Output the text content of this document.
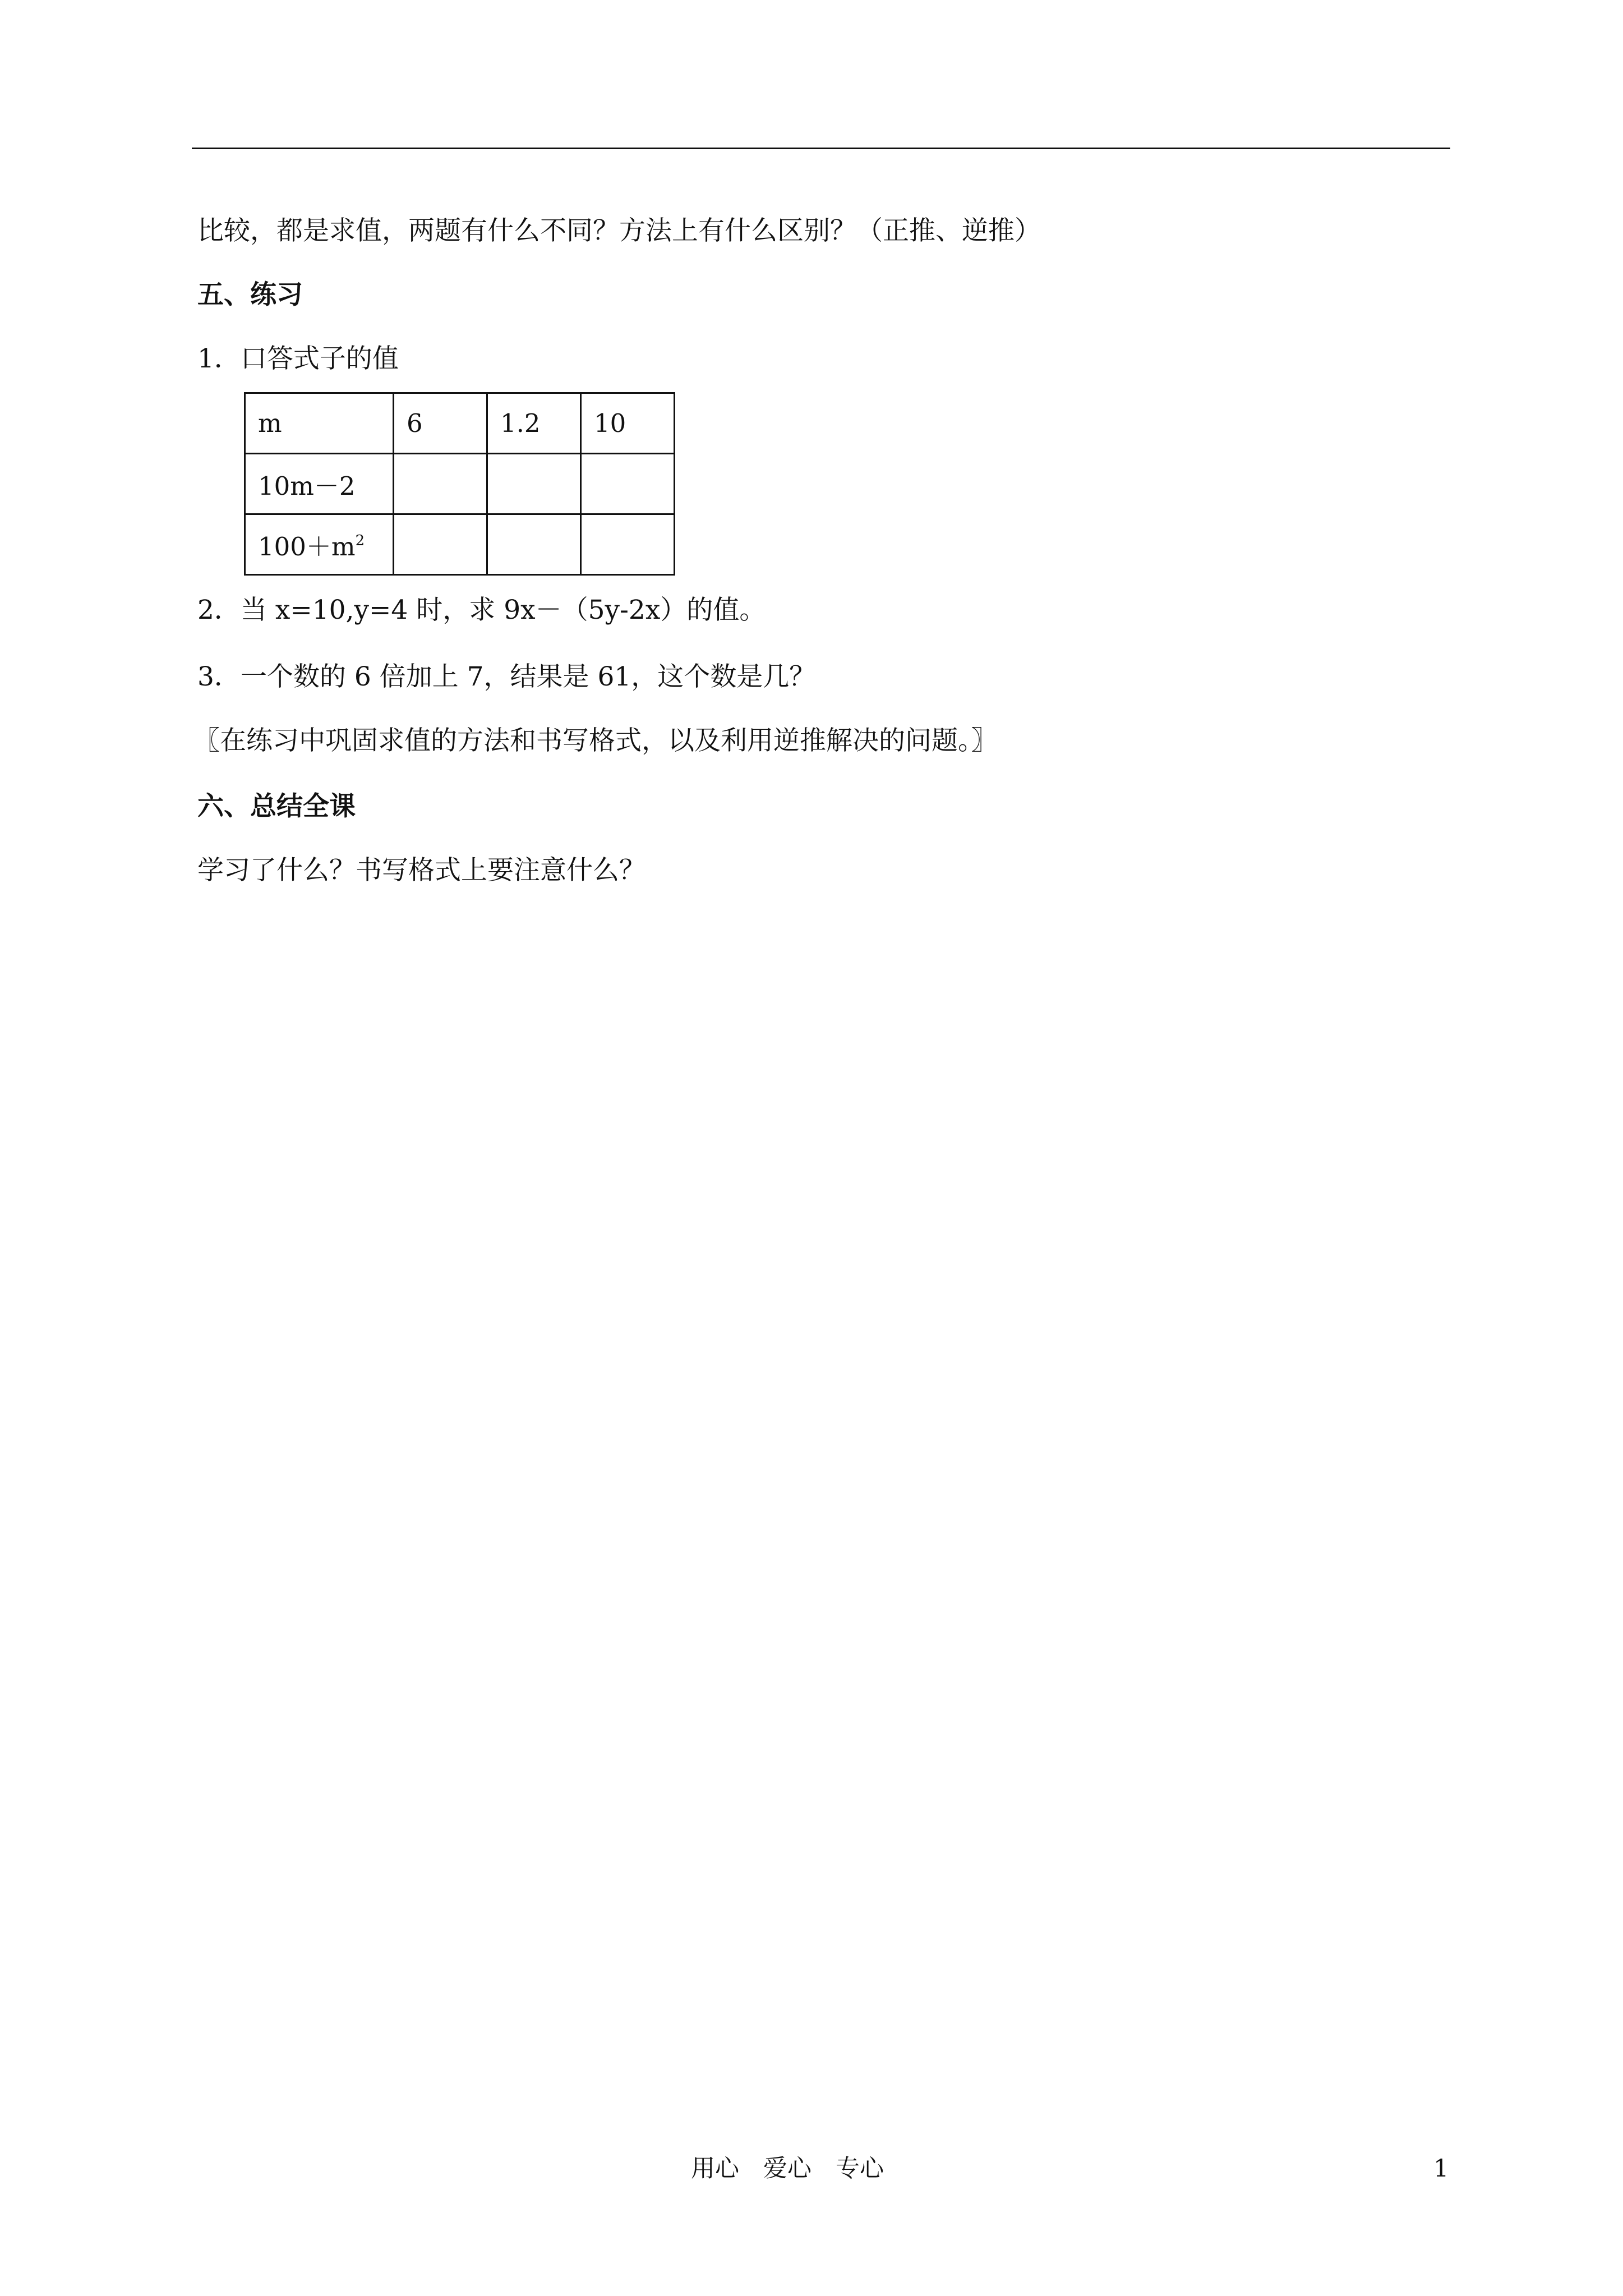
比较，都是求值，两题有什么不同？方法上有什么区别？（正推、逆推）
五、练习
1．口答式子的值
m	6	1.2	10
10m－2			
$100+m^2$			
2．当 x=10,y=4 时，求 9x－（5y-2x）的值。
3．一个数的 6 倍加上 7，结果是 61，这个数是几？
〖在练习中巩固求值的方法和书写格式，以及利用逆推解决的问题。〗
六、总结全课
学习了什么？书写格式上要注意什么？
用心　爱心　专心	1
